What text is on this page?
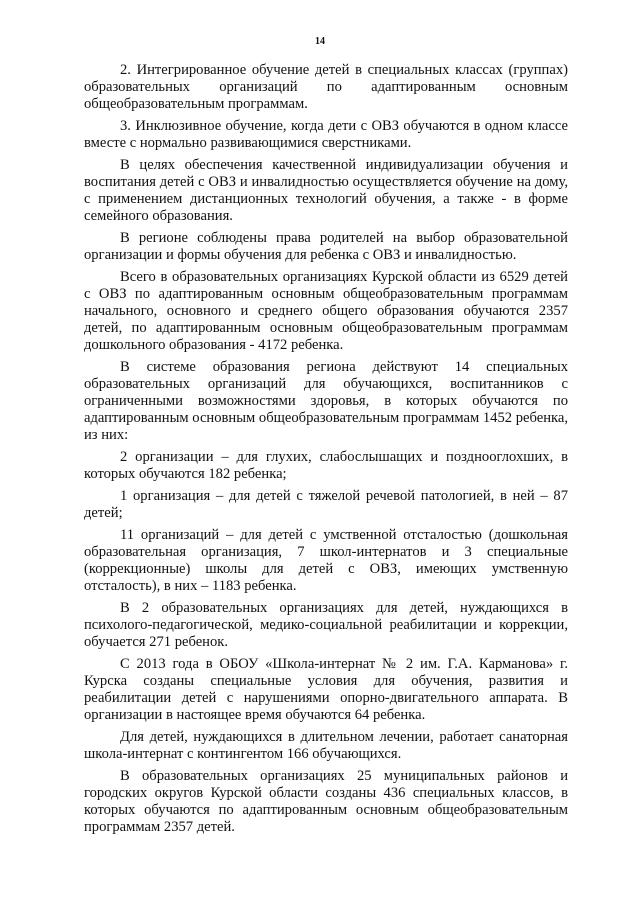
14

2. Интегрированное обучение детей в специальных классах (группах) образовательных организаций по адаптированным основным общеобразовательным программам.

3. Инклюзивное обучение, когда дети с ОВЗ обучаются в одном классе вместе с нормально развивающимися сверстниками.

В целях обеспечения качественной индивидуализации обучения и воспитания детей с ОВЗ и инвалидностью осуществляется обучение на дому, с применением дистанционных технологий обучения, а также - в форме семейного образования.

В регионе соблюдены права родителей на выбор образовательной организации и формы обучения для ребенка с ОВЗ и инвалидностью.

Всего в образовательных организациях Курской области из 6529 детей с ОВЗ по адаптированным основным общеобразовательным программам начального, основного и среднего общего образования обучаются 2357 детей, по адаптированным основным общеобразовательным программам дошкольного образования - 4172 ребенка.

В системе образования региона действуют 14 специальных образовательных организаций для обучающихся, воспитанников с ограниченными возможностями здоровья, в которых обучаются по адаптированным основным общеобразовательным программам 1452 ребенка, из них:

2 организации – для глухих, слабослышащих и позднооглохших, в которых обучаются 182 ребенка;

1 организация – для детей с тяжелой речевой патологией, в ней – 87 детей;

11 организаций – для детей с умственной отсталостью (дошкольная образовательная организация, 7 школ-интернатов и 3 специальные (коррекционные) школы для детей с ОВЗ, имеющих умственную отсталость), в них – 1183 ребенка.

В 2 образовательных организациях для детей, нуждающихся в психолого-педагогической, медико-социальной реабилитации и коррекции, обучается 271 ребенок.

С 2013 года в ОБОУ «Школа-интернат № 2 им. Г.А. Карманова» г. Курска созданы специальные условия для обучения, развития и реабилитации детей с нарушениями опорно-двигательного аппарата. В организации в настоящее время обучаются 64 ребенка.

Для детей, нуждающихся в длительном лечении, работает санаторная школа-интернат с контингентом 166 обучающихся.

В образовательных организациях 25 муниципальных районов и городских округов Курской области созданы 436 специальных классов, в которых обучаются по адаптированным основным общеобразовательным программам 2357 детей.
